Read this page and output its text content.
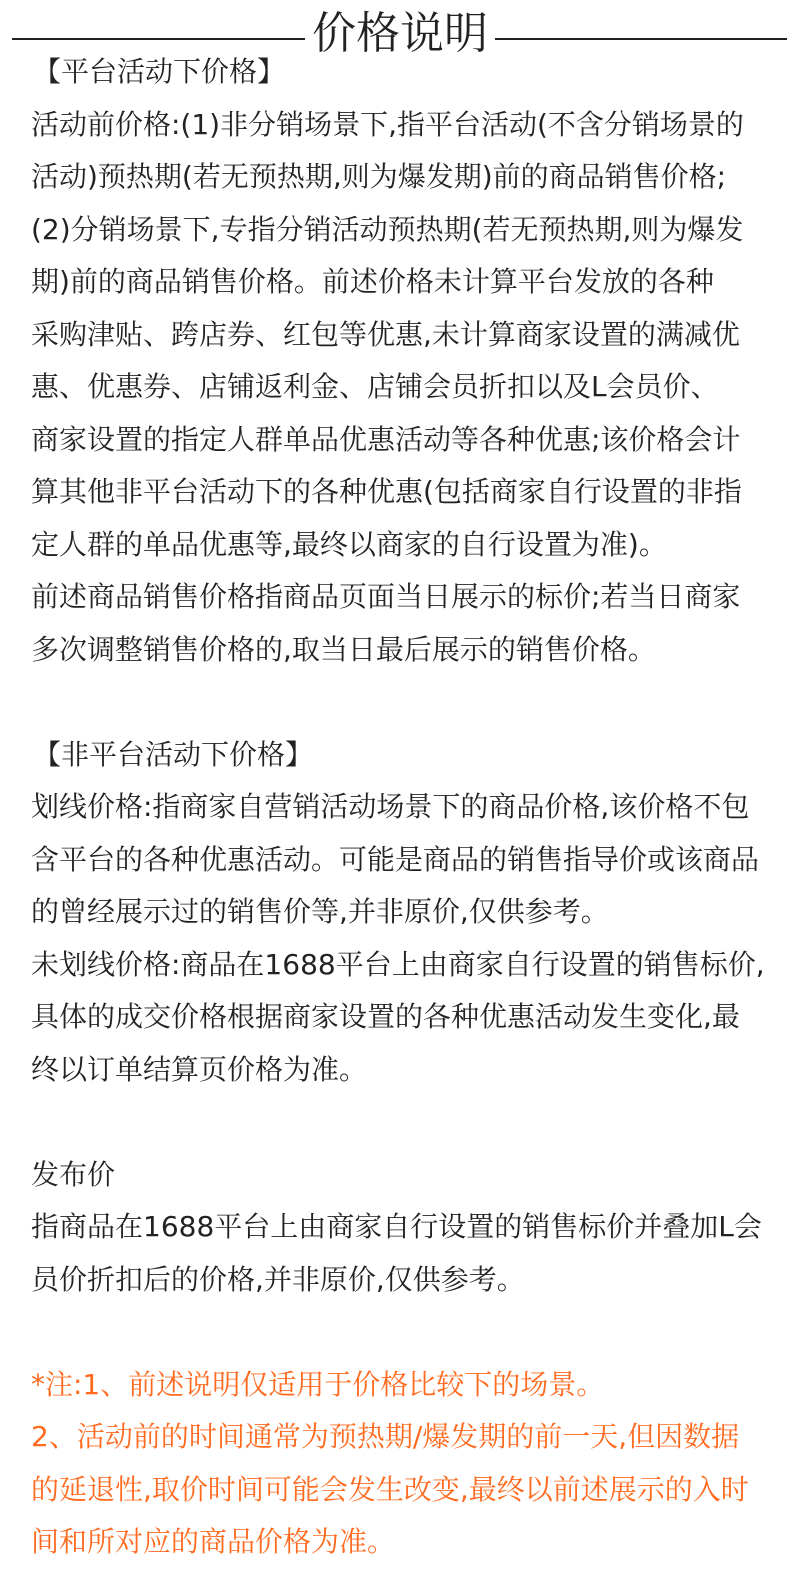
价格说明
【平台活动下价格】
活动前价格:(1)非分销场景下,指平台活动(不含分销场景的
活动)预热期(若无预热期,则为爆发期)前的商品销售价格;
(2)分销场景下,专指分销活动预热期(若无预热期,则为爆发
期)前的商品销售价格。前述价格未计算平台发放的各种
采购津贴、跨店券、红包等优惠,未计算商家设置的满减优
惠、优惠券、店铺返利金、店铺会员折扣以及L会员价、
商家设置的指定人群单品优惠活动等各种优惠;该价格会计
算其他非平台活动下的各种优惠(包括商家自行设置的非指
定人群的单品优惠等,最终以商家的自行设置为准)。
前述商品销售价格指商品页面当日展示的标价;若当日商家
多次调整销售价格的,取当日最后展示的销售价格。
【非平台活动下价格】
划线价格:指商家自营销活动场景下的商品价格,该价格不包
含平台的各种优惠活动。可能是商品的销售指导价或该商品
的曾经展示过的销售价等,并非原价,仅供参考。
未划线价格:商品在1688平台上由商家自行设置的销售标价,
具体的成交价格根据商家设置的各种优惠活动发生变化,最
终以订单结算页价格为准。
发布价
指商品在1688平台上由商家自行设置的销售标价并叠加L会
员价折扣后的价格,并非原价,仅供参考。
*注:1、前述说明仅适用于价格比较下的场景。
2、活动前的时间通常为预热期/爆发期的前一天,但因数据
的延退性,取价时间可能会发生改变,最终以前述展示的入时
间和所对应的商品价格为准。
